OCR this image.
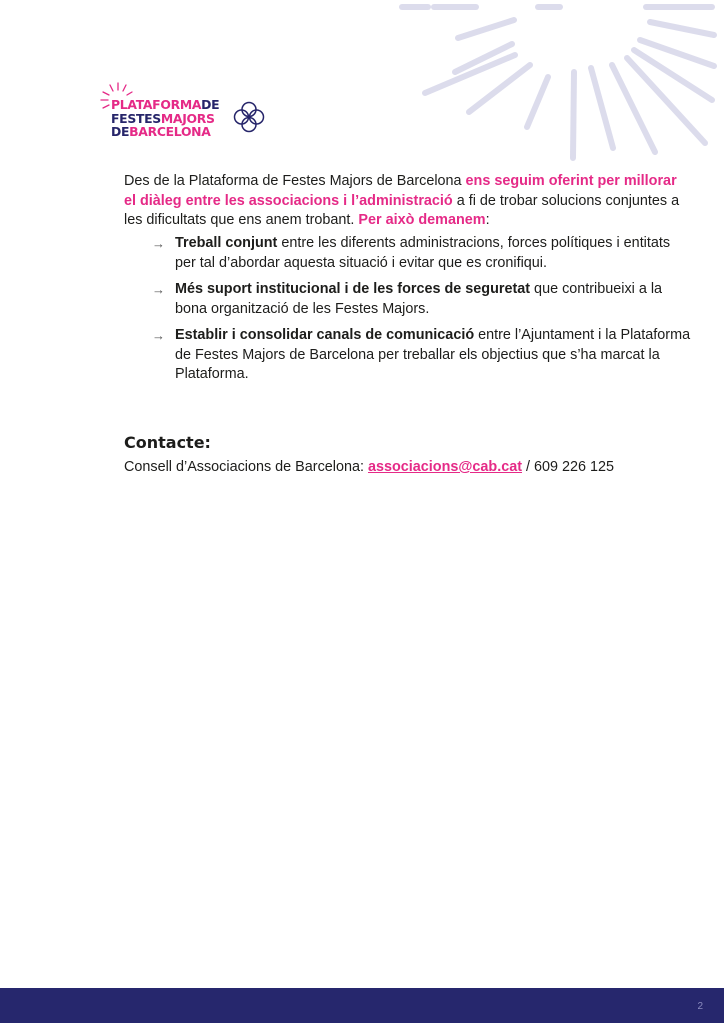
PLATAFORMADE
FESTESMAJORS
DEBARCELONA

Des de la Plataforma de Festes Majors de Barcelona ens seguim oferint per millorar el diàleg entre les associacions i l’administració a fi de trobar solucions conjuntes a les dificultats que ens anem trobant. Per això demanem:

→ Treball conjunt entre les diferents administracions, forces polítiques i entitats per tal d’abordar aquesta situació i evitar que es cronifiqui.
→ Més suport institucional i de les forces de seguretat que contribueixi a la bona organització de les Festes Majors.
→ Establir i consolidar canals de comunicació entre l’Ajuntament i la Plataforma de Festes Majors de Barcelona per treballar els objectius que s’ha marcat la Plataforma.
Contacte:

Consell d’Associacions de Barcelona: associacions@cab.cat / 609 226 125

2
